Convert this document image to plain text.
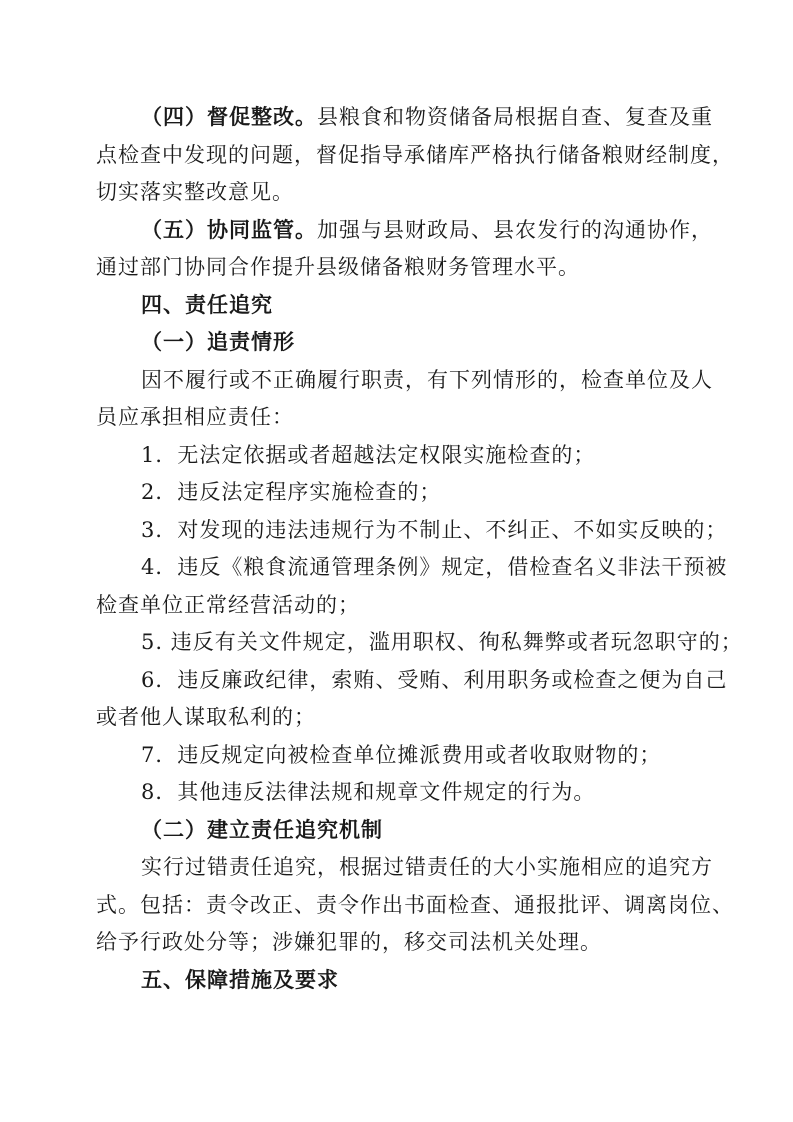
（四）督促整改。县粮食和物资储备局根据自查、复查及重
点检查中发现的问题，督促指导承储库严格执行储备粮财经制度，
切实落实整改意见。
（五）协同监管。加强与县财政局、县农发行的沟通协作，
通过部门协同合作提升县级储备粮财务管理水平。
四、责任追究
（一）追责情形
因不履行或不正确履行职责，有下列情形的，检查单位及人
员应承担相应责任：
1．无法定依据或者超越法定权限实施检查的；
2．违反法定程序实施检查的；
3．对发现的违法违规行为不制止、不纠正、不如实反映的；
4．违反《粮食流通管理条例》规定，借检查名义非法干预被
检查单位正常经营活动的；
5. 违反有关文件规定，滥用职权、徇私舞弊或者玩忽职守的；
6．违反廉政纪律，索贿、受贿、利用职务或检查之便为自己
或者他人谋取私利的；
7．违反规定向被检查单位摊派费用或者收取财物的；
8．其他违反法律法规和规章文件规定的行为。
（二）建立责任追究机制
实行过错责任追究，根据过错责任的大小实施相应的追究方
式。包括：责令改正、责令作出书面检查、通报批评、调离岗位、
给予行政处分等；涉嫌犯罪的，移交司法机关处理。
五、保障措施及要求
